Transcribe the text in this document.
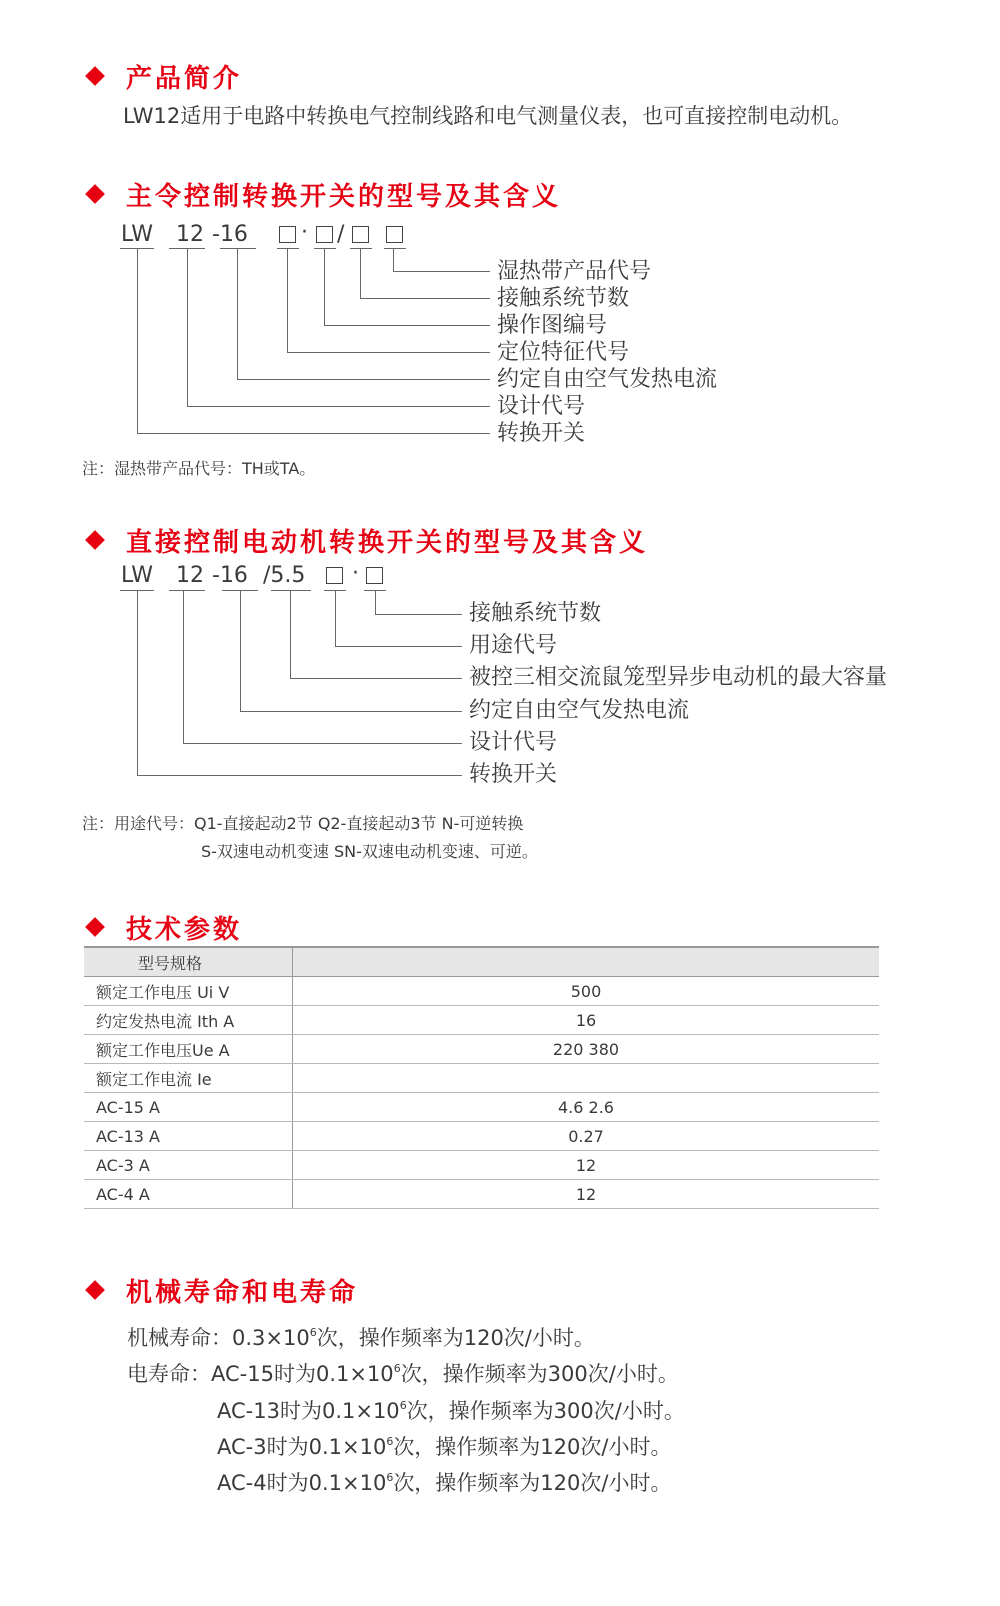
产品简介
LW12适用于电路中转换电气控制线路和电气测量仪表，也可直接控制电动机。
主令控制转换开关的型号及其含义
LW 12 -16 · /
湿热带产品代号
接触系统节数
操作图编号
定位特征代号
约定自由空气发热电流
设计代号
转换开关
注：湿热带产品代号：TH或TA。
直接控制电动机转换开关的型号及其含义
LW 12 -16 /5.5 ·
接触系统节数
用途代号
被控三相交流鼠笼型异步电动机的最大容量
约定自由空气发热电流
设计代号
转换开关
注：用途代号：Q1-直接起动2节 Q2-直接起动3节 N-可逆转换
S-双速电动机变速 SN-双速电动机变速、可逆。
技术参数
型号规格	
额定工作电压 Ui V	500
约定发热电流 Ith A	16
额定工作电压Ue A	220 380
额定工作电流 Ie	
AC-15 A	4.6 2.6
AC-13 A	0.27
AC-3 A	12
AC-4 A	12
机械寿命和电寿命
机械寿命：$0.3\times 10^6$次，操作频率为120次/小时。
电寿命：AC-15时为$0.1\times 10^6$次，操作频率为300次/小时。
AC-13时为$0.1\times 10^6$次，操作频率为300次/小时。
AC-3时为$0.1\times 10^6$次，操作频率为120次/小时。
AC-4时为$0.1\times 10^6$次，操作频率为120次/小时。
